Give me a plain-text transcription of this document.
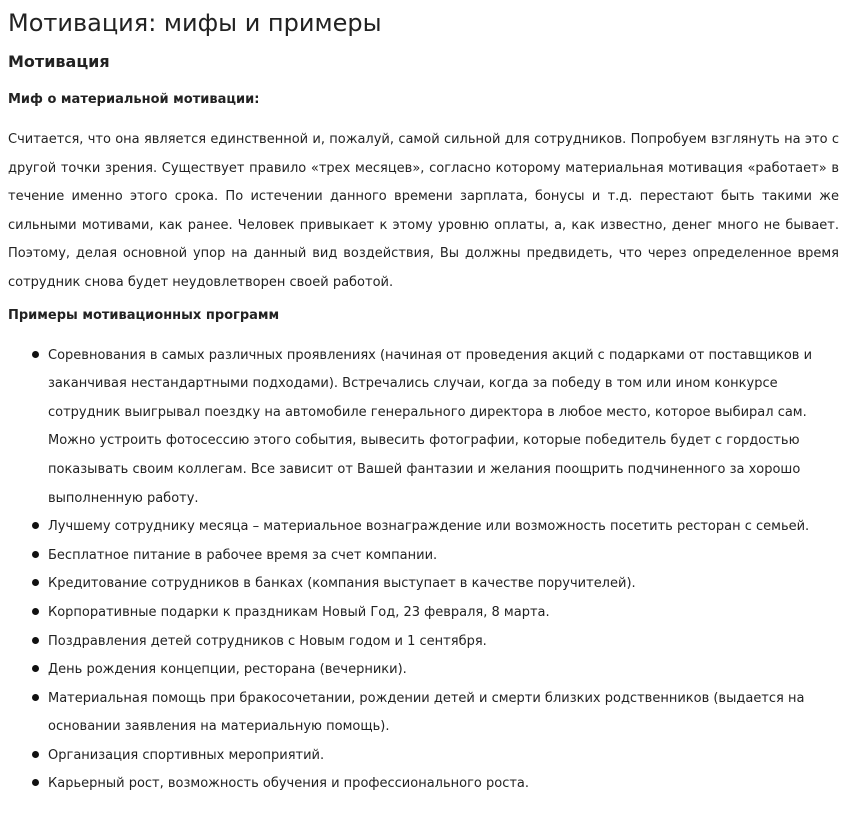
Мотивация: мифы и примеры
Мотивация
Миф о материальной мотивации:

Считается, что она является единственной и, пожалуй, самой сильной для сотрудников. Попробуем взглянуть на это с другой точки зрения. Существует правило «трех месяцев», согласно которому материальная мотивация «работает» в течение именно этого срока. По истечении данного времени зарплата, бонусы и т.д. перестают быть такими же сильными мотивами, как ранее. Человек привыкает к этому уровню оплаты, а, как известно, денег много не бывает. Поэтому, делая основной упор на данный вид воздействия, Вы должны предвидеть, что через определенное время сотрудник снова будет неудовлетворен своей работой.

Примеры мотивационных программ
Соревнования в самых различных проявлениях (начиная от проведения акций с подарками от поставщиков и заканчивая нестандартными подходами). Встречались случаи, когда за победу в том или ином конкурсе сотрудник выигрывал поездку на автомобиле генерального директора в любое место, которое выбирал сам. Можно устроить фотосессию этого события, вывесить фотографии, которые победитель будет с гордостью показывать своим коллегам. Все зависит от Вашей фантазии и желания поощрить подчиненного за хорошо выполненную работу.
Лучшему сотруднику месяца – материальное вознаграждение или возможность посетить ресторан с семьей.
Бесплатное питание в рабочее время за счет компании.
Кредитование сотрудников в банках (компания выступает в качестве поручителей).
Корпоративные подарки к праздникам Новый Год, 23 февраля, 8 марта.
Поздравления детей сотрудников с Новым годом и 1 сентября.
День рождения концепции, ресторана (вечерники).
Материальная помощь при бракосочетании, рождении детей и смерти близких родственников (выдается на основании заявления на материальную помощь).
Организация спортивных мероприятий.
Карьерный рост, возможность обучения и профессионального роста.
